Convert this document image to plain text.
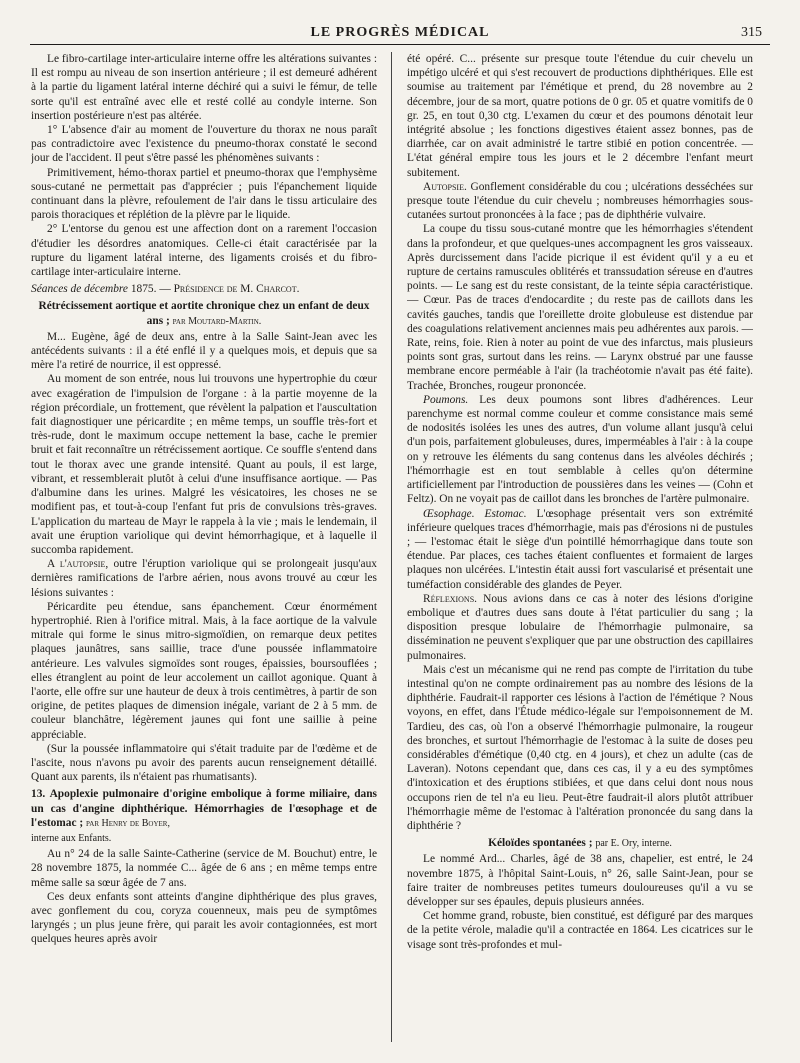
LE PROGRÈS MÉDICAL	315

Le fibro-cartilage inter-articulaire interne offre les altérations suivantes : Il est rompu au niveau de son insertion antérieure ; il est demeuré adhérent à la partie du ligament latéral interne déchiré qui a suivi le fémur, de telle sorte qu'il est entraîné avec elle et resté collé au condyle interne. Son insertion postérieure n'est pas altérée.

1° L'absence d'air au moment de l'ouverture du thorax ne nous paraît pas contradictoire avec l'existence du pneumo-thorax constaté le second jour de l'accident. Il peut s'être passé les phénomènes suivants :

Primitivement, hémo-thorax partiel et pneumo-thorax que l'emphysème sous-cutané ne permettait pas d'apprécier ; puis l'épanchement liquide continuant dans la plèvre, refoulement de l'air dans le tissu articulaire des parois thoraciques et réplétion de la plèvre par le liquide.

2° L'entorse du genou est une affection dont on a rarement l'occasion d'étudier les désordres anatomiques. Celle-ci était caractérisée par la rupture du ligament latéral interne, des ligaments croisés et du fibro-cartilage inter-articulaire interne.

Séances de décembre 1875. — Présidence de M. Charcot.

Rétrécissement aortique et aortite chronique chez un enfant de deux ans ; par Moutard-Martin.

M... Eugène, âgé de deux ans, entre à la Salle Saint-Jean avec les antécédents suivants : il a été enflé il y a quelques mois, et depuis que sa mère l'a retiré de nourrice, il est oppressé.

Au moment de son entrée, nous lui trouvons une hypertrophie du cœur avec exagération de l'impulsion de l'organe : à la partie moyenne de la région précordiale, un frottement, que révèlent la palpation et l'auscultation fait diagnostiquer une péricardite ; en même temps, un souffle très-fort et très-rude, dont le maximum occupe nettement la base, cache le premier bruit et fait reconnaître un rétrécissement aortique. Ce souffle s'entend dans tout le thorax avec une grande intensité. Quant au pouls, il est large, vibrant, et ressemblerait plutôt à celui d'une insuffisance aortique. — Pas d'albumine dans les urines. Malgré les vésicatoires, les choses ne se modifient pas, et tout-à-coup l'enfant fut pris de convulsions très-graves. L'application du marteau de Mayr le rappela à la vie ; mais le lendemain, il avait une éruption variolique qui devint hémorrhagique, et à laquelle il succomba rapidement.

A l'autopsie, outre l'éruption variolique qui se prolongeait jusqu'aux dernières ramifications de l'arbre aérien, nous avons trouvé au cœur les lésions suivantes :

Péricardite peu étendue, sans épanchement. Cœur énormément hypertrophié. Rien à l'orifice mitral. Mais, à la face aortique de la valvule mitrale qui forme le sinus mitro-sigmoïdien, on remarque deux petites plaques jaunâtres, sans saillie, trace d'une poussée inflammatoire antérieure. Les valvules sigmoïdes sont rouges, épaissies, boursouflées ; elles étranglent au point de leur accolement un caillot agonique. Quant à l'aorte, elle offre sur une hauteur de deux à trois centimètres, à partir de son origine, de petites plaques de dimension inégale, variant de 2 à 5 mm. de couleur blanchâtre, légèrement jaunes qui font une saillie à peine appréciable.

(Sur la poussée inflammatoire qui s'était traduite par de l'œdème et de l'ascite, nous n'avons pu avoir des parents aucun renseignement détaillé. Quant aux parents, ils n'étaient pas rhumatisants).

13. Apoplexie pulmonaire d'origine embolique à forme miliaire, dans un cas d'angine diphthérique. Hémorrhagies de l'œsophage et de l'estomac ; par Henry de Boyer,
interne aux Enfants.

Au n° 24 de la salle Sainte-Catherine (service de M. Bouchut) entre, le 28 novembre 1875, la nommée C... âgée de 6 ans ; en même temps entre même salle sa sœur âgée de 7 ans.

Ces deux enfants sont atteints d'angine diphthérique des plus graves, avec gonflement du cou, coryza couenneux, mais peu de symptômes laryngés ; un plus jeune frère, qui parait les avoir contagionnées, est mort quelques heures après avoir

été opéré. C... présente sur presque toute l'étendue du cuir chevelu un impétigo ulcéré et qui s'est recouvert de productions diphthériques. Elle est soumise au traitement par l'émétique et prend, du 28 novembre au 2 décembre, jour de sa mort, quatre potions de 0 gr. 05 et quatre vomitifs de 0 gr. 25, en tout 0,30 ctg. L'examen du cœur et des poumons dénotait leur intégrité absolue ; les fonctions digestives étaient assez bonnes, pas de diarrhée, car on avait administré le tartre stibié en potion concentrée. — L'état général empire tous les jours et le 2 décembre l'enfant meurt subitement.

Autopsie. Gonflement considérable du cou ; ulcérations desséchées sur presque toute l'étendue du cuir chevelu ; nombreuses hémorrhagies sous-cutanées surtout prononcées à la face ; pas de diphthérie vulvaire.

La coupe du tissu sous-cutané montre que les hémorrhagies s'étendent dans la profondeur, et que quelques-unes accompagnent les gros vaisseaux. Après durcissement dans l'acide picrique il est évident qu'il y a eu et rupture de certains ramuscules oblitérés et transsudation séreuse en d'autres points. — Le sang est du reste consistant, de la teinte sépia caractéristique. — Cœur. Pas de traces d'endocardite ; du reste pas de caillots dans les cavités gauches, tandis que l'oreillette droite globuleuse est distendue par des coagulations relativement anciennes mais peu adhérentes aux parois. — Rate, reins, foie. Rien à noter au point de vue des infarctus, mais plusieurs points sont gras, surtout dans les reins. — Larynx obstrué par une fausse membrane encore perméable à l'air (la trachéotomie n'avait pas été faite). Trachée, Bronches, rougeur prononcée.

Poumons. Les deux poumons sont libres d'adhérences. Leur parenchyme est normal comme couleur et comme consistance mais semé de nodosités isolées les unes des autres, d'un volume allant jusqu'à celui d'un pois, parfaitement globuleuses, dures, imperméables à l'air : à la coupe on y retrouve les éléments du sang contenus dans les alvéoles déchirés ; l'hémorrhagie est en tout semblable à celles qu'on détermine artificiellement par l'introduction de poussières dans les veines — (Cohn et Feltz). On ne voyait pas de caillot dans les bronches de l'artère pulmonaire.

Œsophage. Estomac. L'œsophage présentait vers son extrémité inférieure quelques traces d'hémorrhagie, mais pas d'érosions ni de pustules ; — l'estomac était le siège d'un pointillé hémorrhagique dans toute son étendue. Par places, ces taches étaient confluentes et formaient de larges plaques non ulcérées. L'intestin était aussi fort vascularisé et présentait une tuméfaction considérable des glandes de Peyer.

Réflexions. Nous avions dans ce cas à noter des lésions d'origine embolique et d'autres dues sans doute à l'état particulier du sang ; la disposition presque lobulaire de l'hémorrhagie pulmonaire, sa dissémination ne peuvent s'expliquer que par une obstruction des capillaires pulmonaires.

Mais c'est un mécanisme qui ne rend pas compte de l'irritation du tube intestinal qu'on ne compte ordinairement pas au nombre des lésions de la diphthérie. Faudrait-il rapporter ces lésions à l'action de l'émétique ? Nous voyons, en effet, dans l'Étude médico-légale sur l'empoisonnement de M. Tardieu, des cas, où l'on a observé l'hémorrhagie pulmonaire, la rougeur des bronches, et surtout l'hémorrhagie de l'estomac à la suite de doses peu considérables d'émétique (0,40 ctg. en 4 jours), et chez un adulte (cas de Laveran). Notons cependant que, dans ces cas, il y a eu des symptômes d'intoxication et des éruptions stibiées, et que dans celui dont nous nous occupons rien de tel n'a eu lieu. Peut-être faudrait-il alors plutôt attribuer l'hémorrhagie même de l'estomac à l'altération prononcée du sang dans la diphthérie ?

Kéloïdes spontanées ; par E. Ory, interne.

Le nommé Ard... Charles, âgé de 38 ans, chapelier, est entré, le 24 novembre 1875, à l'hôpital Saint-Louis, n° 26, salle Saint-Jean, pour se faire traiter de nombreuses petites tumeurs douloureuses qu'il a vu se développer sur ses épaules, depuis plusieurs années.

Cet homme grand, robuste, bien constitué, est défiguré par des marques de la petite vérole, maladie qu'il a contractée en 1864. Les cicatrices sur le visage sont très-profondes et mul-
